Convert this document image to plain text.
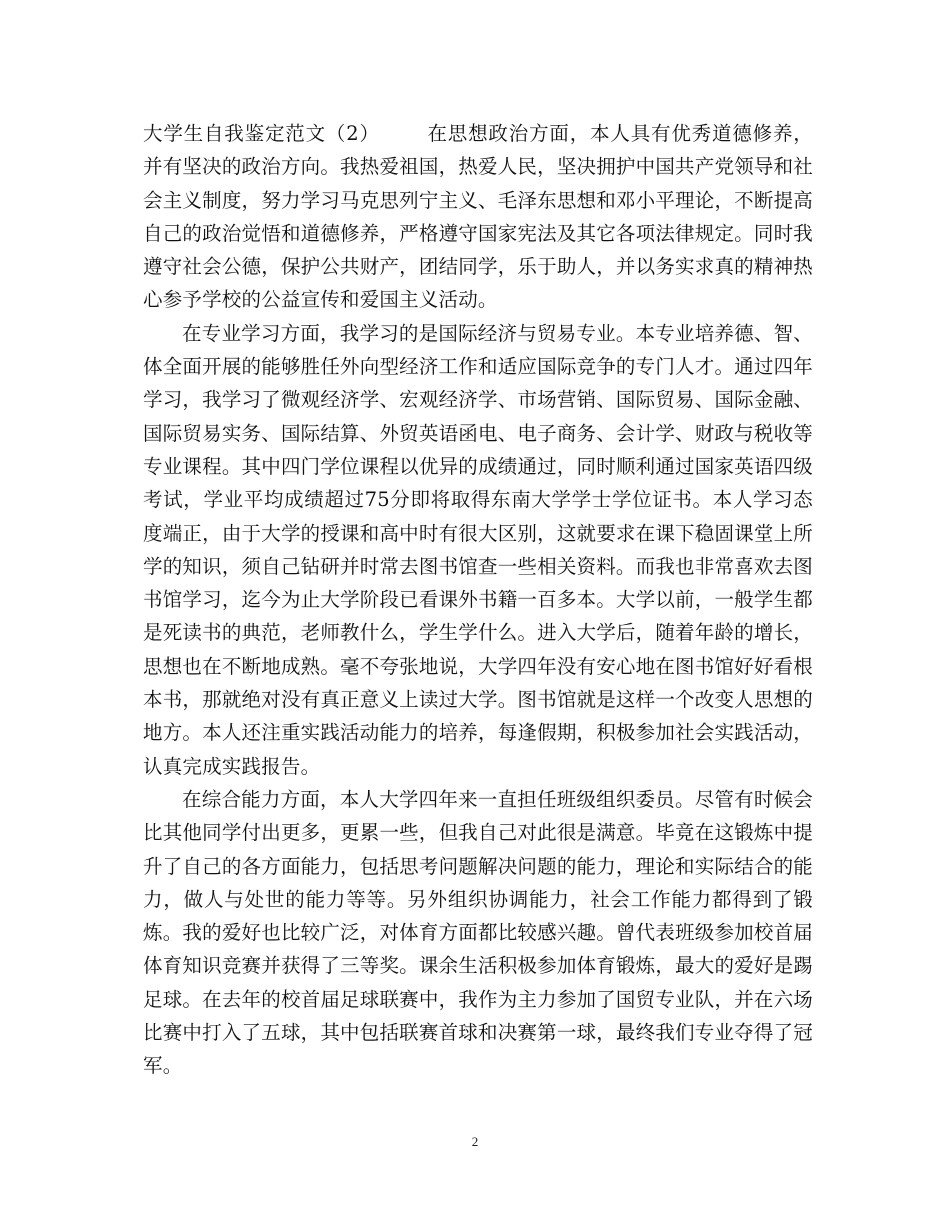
大学生自我鉴定范文（2） 在思想政治方面，本人具有优秀道德修养，并有坚决的政治方向。我热爱祖国，热爱人民，坚决拥护中国共产党领导和社会主义制度，努力学习马克思列宁主义、毛泽东思想和邓小平理论，不断提高自己的政治觉悟和道德修养，严格遵守国家宪法及其它各项法律规定。同时我遵守社会公德，保护公共财产，团结同学，乐于助人，并以务实求真的精神热心参予学校的公益宣传和爱国主义活动。

在专业学习方面，我学习的是国际经济与贸易专业。本专业培养德、智、体全面开展的能够胜任外向型经济工作和适应国际竞争的专门人才。通过四年学习，我学习了微观经济学、宏观经济学、市场营销、国际贸易、国际金融、国际贸易实务、国际结算、外贸英语函电、电子商务、会计学、财政与税收等专业课程。其中四门学位课程以优异的成绩通过，同时顺利通过国家英语四级考试，学业平均成绩超过75分即将取得东南大学学士学位证书。本人学习态度端正，由于大学的授课和高中时有很大区别，这就要求在课下稳固课堂上所学的知识，须自己钻研并时常去图书馆查一些相关资料。而我也非常喜欢去图书馆学习，迄今为止大学阶段已看课外书籍一百多本。大学以前，一般学生都是死读书的典范，老师教什么，学生学什么。进入大学后，随着年龄的增长，思想也在不断地成熟。毫不夸张地说，大学四年没有安心地在图书馆好好看根本书，那就绝对没有真正意义上读过大学。图书馆就是这样一个改变人思想的地方。本人还注重实践活动能力的培养，每逢假期，积极参加社会实践活动，认真完成实践报告。

在综合能力方面，本人大学四年来一直担任班级组织委员。尽管有时候会比其他同学付出更多，更累一些，但我自己对此很是满意。毕竟在这锻炼中提升了自己的各方面能力，包括思考问题解决问题的能力，理论和实际结合的能力，做人与处世的能力等等。另外组织协调能力，社会工作能力都得到了锻炼。我的爱好也比较广泛，对体育方面都比较感兴趣。曾代表班级参加校首届体育知识竞赛并获得了三等奖。课余生活积极参加体育锻炼，最大的爱好是踢足球。在去年的校首届足球联赛中，我作为主力参加了国贸专业队，并在六场比赛中打入了五球，其中包括联赛首球和决赛第一球，最终我们专业夺得了冠军。

2
